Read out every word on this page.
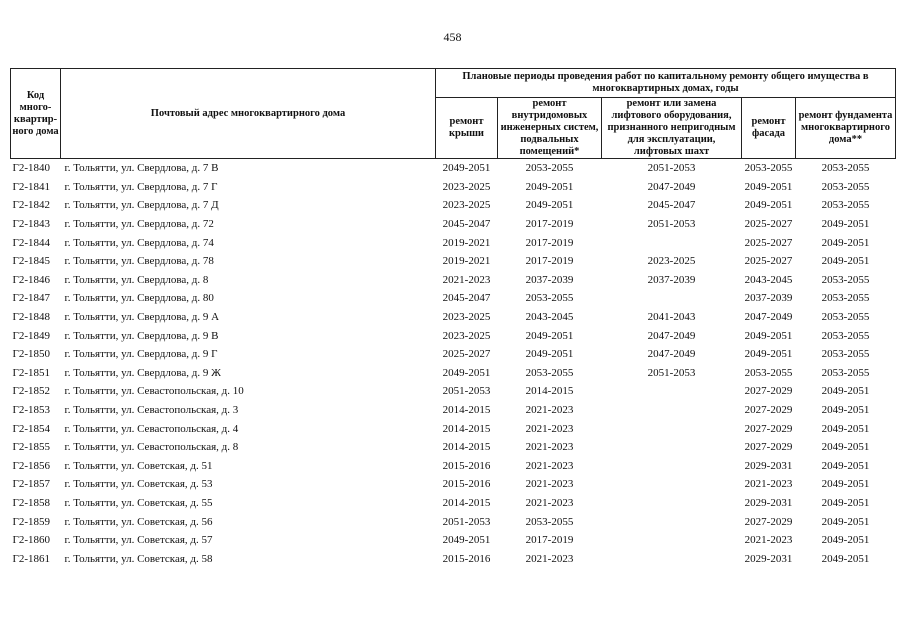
458
Код много-квартир-ного дома	Почтовый адрес многоквартирного дома	Плановые периоды проведения работ по капитальному ремонту общего имущества в многоквартирных домах, годы				
		ремонт крыши	ремонт внутридомовых инженерных систем, подвальных помещений*	ремонт или замена лифтового оборудования, признанного непригодным для эксплуатации, лифтовых шахт	ремонт фасада	ремонт фундамента многоквартирного дома**
Г2-1840	г. Тольятти, ул. Свердлова, д. 7 В	2049-2051	2053-2055	2051-2053	2053-2055	2053-2055
Г2-1841	г. Тольятти, ул. Свердлова, д. 7 Г	2023-2025	2049-2051	2047-2049	2049-2051	2053-2055
Г2-1842	г. Тольятти, ул. Свердлова, д. 7 Д	2023-2025	2049-2051	2045-2047	2049-2051	2053-2055
Г2-1843	г. Тольятти, ул. Свердлова, д. 72	2045-2047	2017-2019	2051-2053	2025-2027	2049-2051
Г2-1844	г. Тольятти, ул. Свердлова, д. 74	2019-2021	2017-2019		2025-2027	2049-2051
Г2-1845	г. Тольятти, ул. Свердлова, д. 78	2019-2021	2017-2019	2023-2025	2025-2027	2049-2051
Г2-1846	г. Тольятти, ул. Свердлова, д. 8	2021-2023	2037-2039	2037-2039	2043-2045	2053-2055
Г2-1847	г. Тольятти, ул. Свердлова, д. 80	2045-2047	2053-2055		2037-2039	2053-2055
Г2-1848	г. Тольятти, ул. Свердлова, д. 9 А	2023-2025	2043-2045	2041-2043	2047-2049	2053-2055
Г2-1849	г. Тольятти, ул. Свердлова, д. 9 В	2023-2025	2049-2051	2047-2049	2049-2051	2053-2055
Г2-1850	г. Тольятти, ул. Свердлова, д. 9 Г	2025-2027	2049-2051	2047-2049	2049-2051	2053-2055
Г2-1851	г. Тольятти, ул. Свердлова, д. 9 Ж	2049-2051	2053-2055	2051-2053	2053-2055	2053-2055
Г2-1852	г. Тольятти, ул. Севастопольская, д. 10	2051-2053	2014-2015		2027-2029	2049-2051
Г2-1853	г. Тольятти, ул. Севастопольская, д. 3	2014-2015	2021-2023		2027-2029	2049-2051
Г2-1854	г. Тольятти, ул. Севастопольская, д. 4	2014-2015	2021-2023		2027-2029	2049-2051
Г2-1855	г. Тольятти, ул. Севастопольская, д. 8	2014-2015	2021-2023		2027-2029	2049-2051
Г2-1856	г. Тольятти, ул. Советская, д. 51	2015-2016	2021-2023		2029-2031	2049-2051
Г2-1857	г. Тольятти, ул. Советская, д. 53	2015-2016	2021-2023		2021-2023	2049-2051
Г2-1858	г. Тольятти, ул. Советская, д. 55	2014-2015	2021-2023		2029-2031	2049-2051
Г2-1859	г. Тольятти, ул. Советская, д. 56	2051-2053	2053-2055		2027-2029	2049-2051
Г2-1860	г. Тольятти, ул. Советская, д. 57	2049-2051	2017-2019		2021-2023	2049-2051
Г2-1861	г. Тольятти, ул. Советская, д. 58	2015-2016	2021-2023		2029-2031	2049-2051
